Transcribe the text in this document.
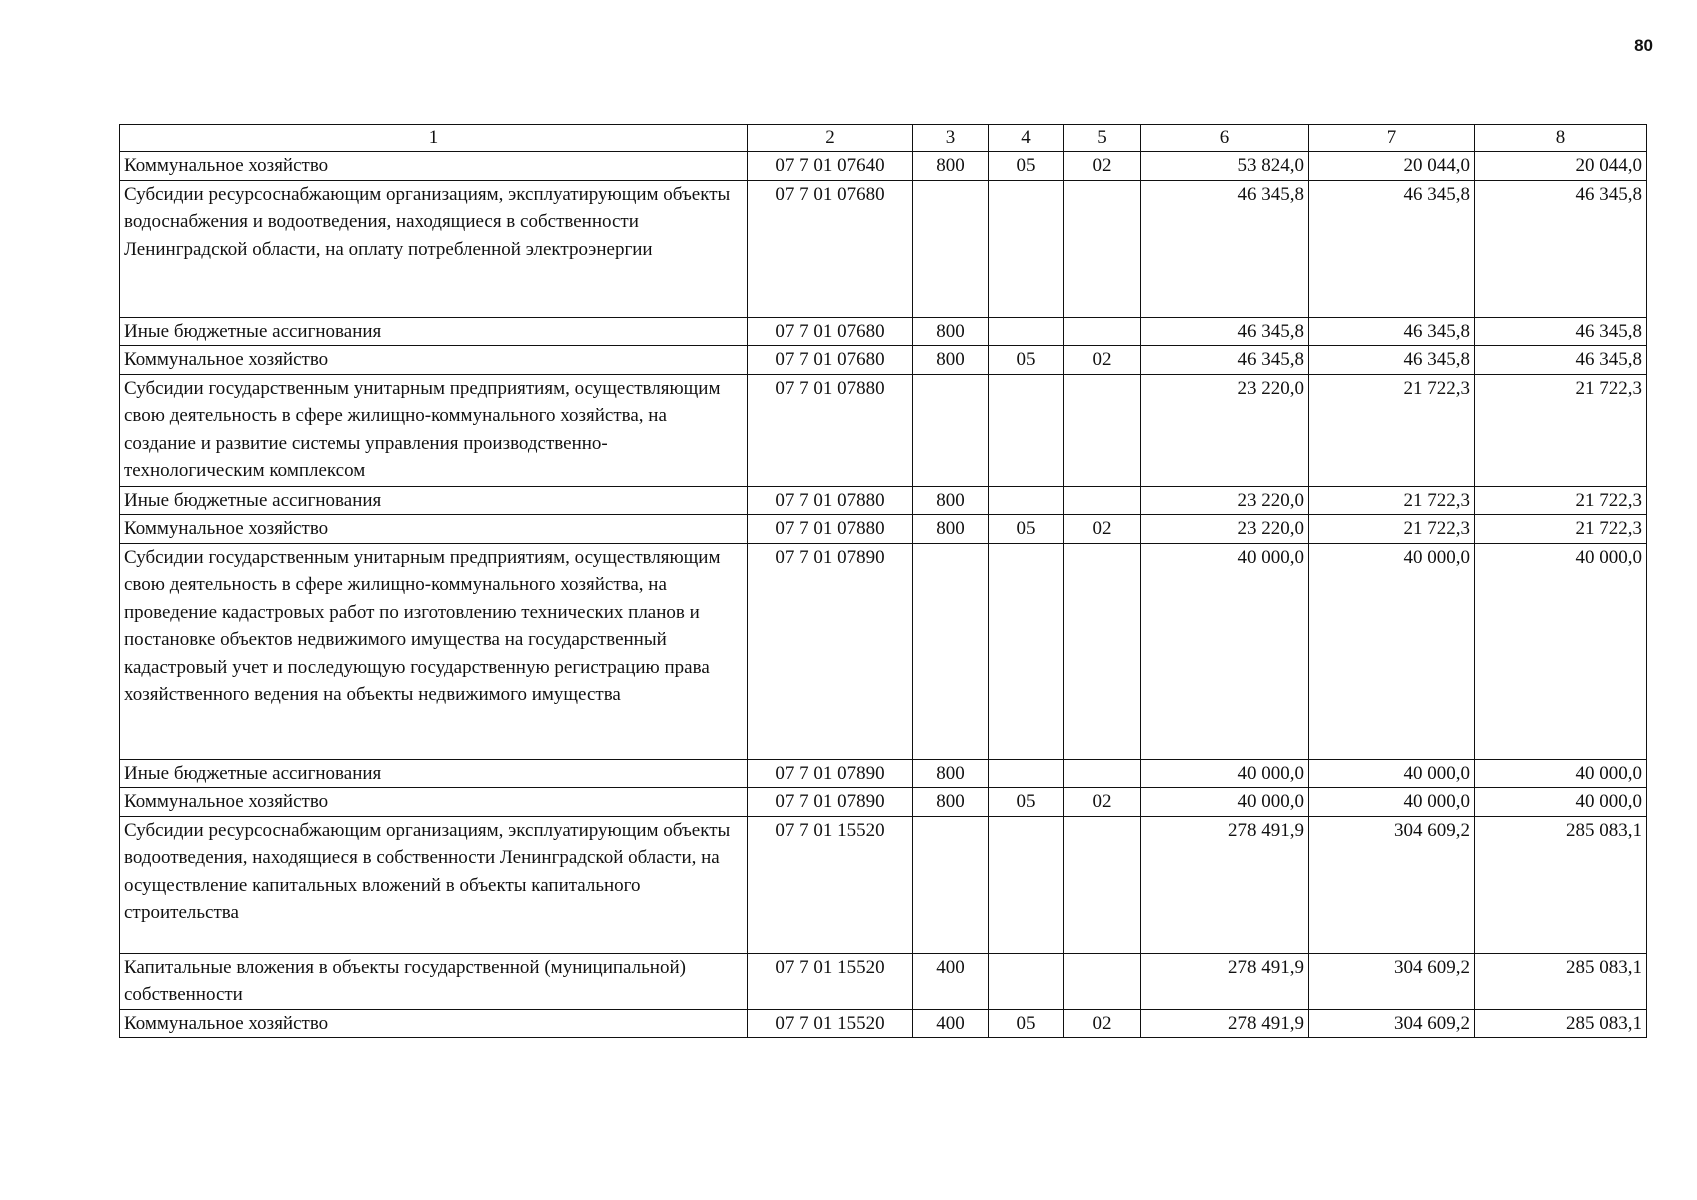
80
1	2	3	4	5	6	7	8
Коммунальное хозяйство	07 7 01 07640	800	05	02	53 824,0	20 044,0	20 044,0
Субсидии ресурсоснабжающим организациям, эксплуатирующим объекты водоснабжения и водоотведения, находящиеся в собственности Ленинградской области, на оплату потребленной электроэнергии	07 7 01 07680				46 345,8	46 345,8	46 345,8
Иные бюджетные ассигнования	07 7 01 07680	800			46 345,8	46 345,8	46 345,8
Коммунальное хозяйство	07 7 01 07680	800	05	02	46 345,8	46 345,8	46 345,8
Субсидии государственным унитарным предприятиям, осуществляющим свою деятельность в сфере жилищно-коммунального хозяйства, на создание и развитие системы управления производственно-технологическим комплексом	07 7 01 07880				23 220,0	21 722,3	21 722,3
Иные бюджетные ассигнования	07 7 01 07880	800			23 220,0	21 722,3	21 722,3
Коммунальное хозяйство	07 7 01 07880	800	05	02	23 220,0	21 722,3	21 722,3
Субсидии государственным унитарным предприятиям, осуществляющим свою деятельность в сфере жилищно-коммунального хозяйства, на проведение кадастровых работ по изготовлению технических планов и постановке объектов недвижимого имущества на государственный кадастровый учет и последующую государственную регистрацию права хозяйственного ведения на объекты недвижимого имущества	07 7 01 07890				40 000,0	40 000,0	40 000,0
Иные бюджетные ассигнования	07 7 01 07890	800			40 000,0	40 000,0	40 000,0
Коммунальное хозяйство	07 7 01 07890	800	05	02	40 000,0	40 000,0	40 000,0
Субсидии ресурсоснабжающим организациям, эксплуатирующим объекты водоотведения, находящиеся в собственности Ленинградской области, на осуществление капитальных вложений в объекты капитального строительства	07 7 01 15520				278 491,9	304 609,2	285 083,1
Капитальные вложения в объекты государственной (муниципальной) собственности	07 7 01 15520	400			278 491,9	304 609,2	285 083,1
Коммунальное хозяйство	07 7 01 15520	400	05	02	278 491,9	304 609,2	285 083,1
